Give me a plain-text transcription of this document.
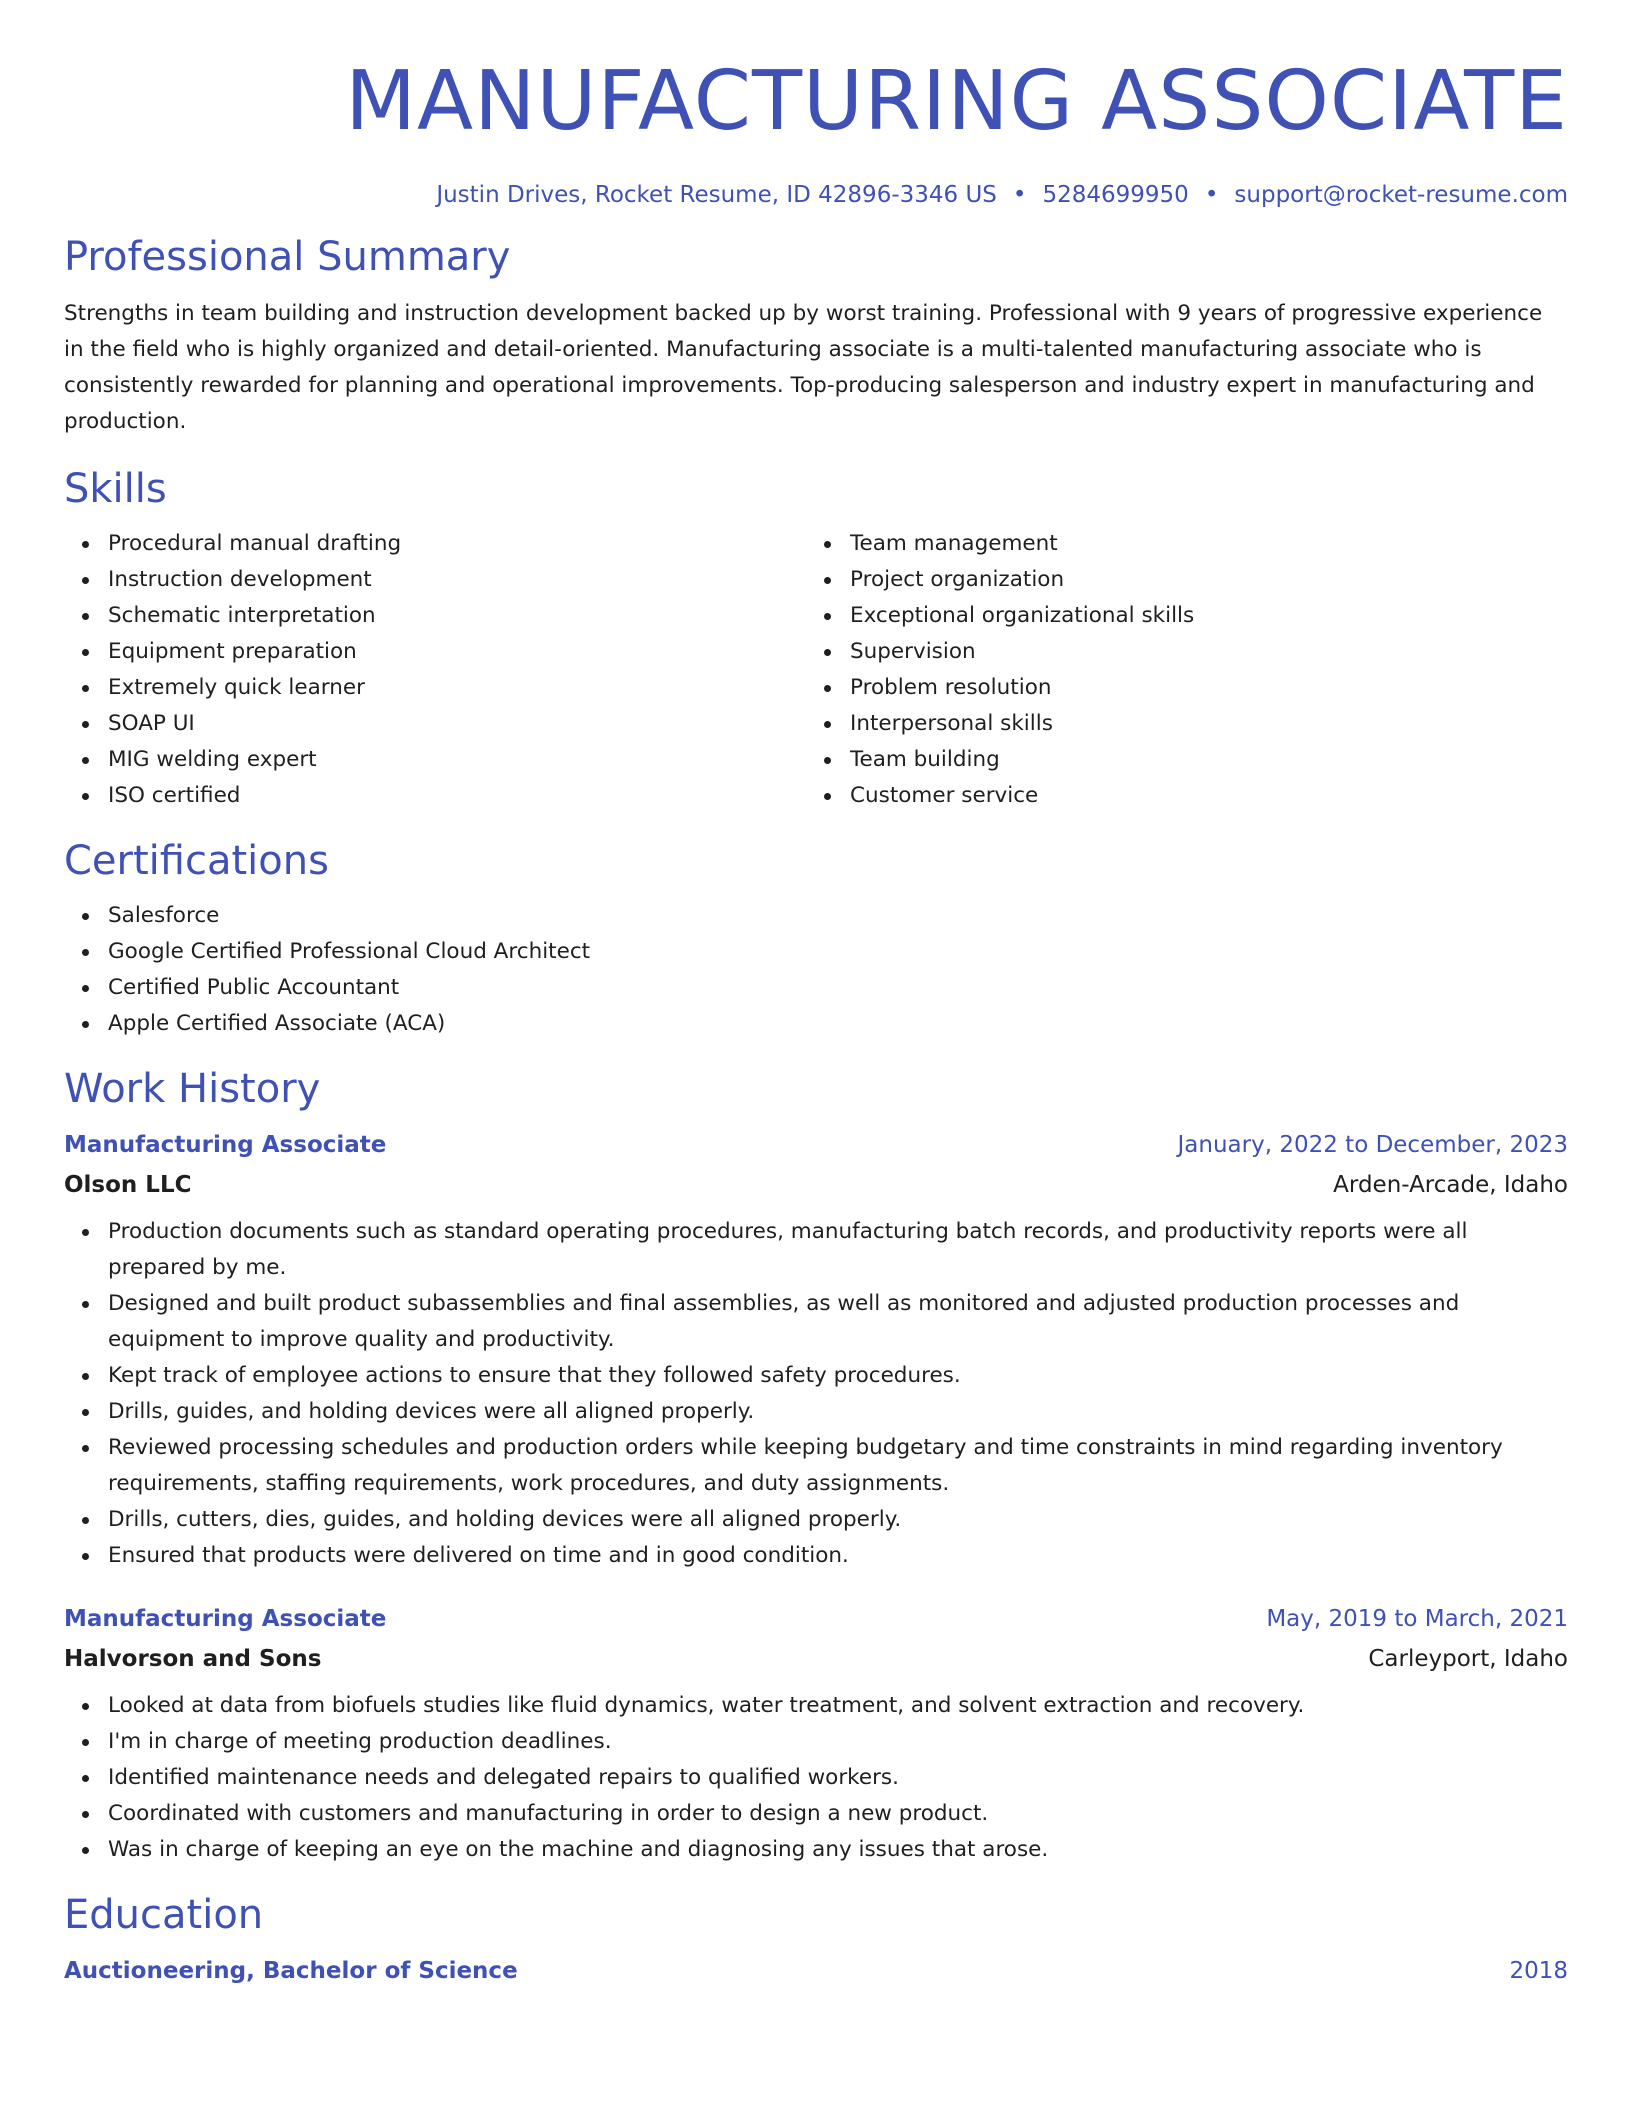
MANUFACTURING ASSOCIATE
Justin Drives, Rocket Resume, ID 42896-3346 US • 5284699950 • support@rocket-resume.com
Professional Summary

Strengths in team building and instruction development backed up by worst training. Professional with 9 years of progressive experience in the field who is highly organized and detail-oriented. Manufacturing associate is a multi-talented manufacturing associate who is consistently rewarded for planning and operational improvements. Top-producing salesperson and industry expert in manufacturing and production.

Skills
Procedural manual drafting
Instruction development
Schematic interpretation
Equipment preparation
Extremely quick learner
SOAP UI
MIG welding expert
ISO certified
Team management
Project organization
Exceptional organizational skills
Supervision
Problem resolution
Interpersonal skills
Team building
Customer service
Certifications
Salesforce
Google Certified Professional Cloud Architect
Certified Public Accountant
Apple Certified Associate (ACA)
Work History
Manufacturing Associate	January, 2022 to December, 2023
Olson LLC	Arden-Arcade, Idaho
Production documents such as standard operating procedures, manufacturing batch records, and productivity reports were all prepared by me.
Designed and built product subassemblies and final assemblies, as well as monitored and adjusted production processes and equipment to improve quality and productivity.
Kept track of employee actions to ensure that they followed safety procedures.
Drills, guides, and holding devices were all aligned properly.
Reviewed processing schedules and production orders while keeping budgetary and time constraints in mind regarding inventory requirements, staffing requirements, work procedures, and duty assignments.
Drills, cutters, dies, guides, and holding devices were all aligned properly.
Ensured that products were delivered on time and in good condition.
Manufacturing Associate	May, 2019 to March, 2021
Halvorson and Sons	Carleyport, Idaho
Looked at data from biofuels studies like fluid dynamics, water treatment, and solvent extraction and recovery.
I'm in charge of meeting production deadlines.
Identified maintenance needs and delegated repairs to qualified workers.
Coordinated with customers and manufacturing in order to design a new product.
Was in charge of keeping an eye on the machine and diagnosing any issues that arose.
Education
Auctioneering, Bachelor of Science	2018
